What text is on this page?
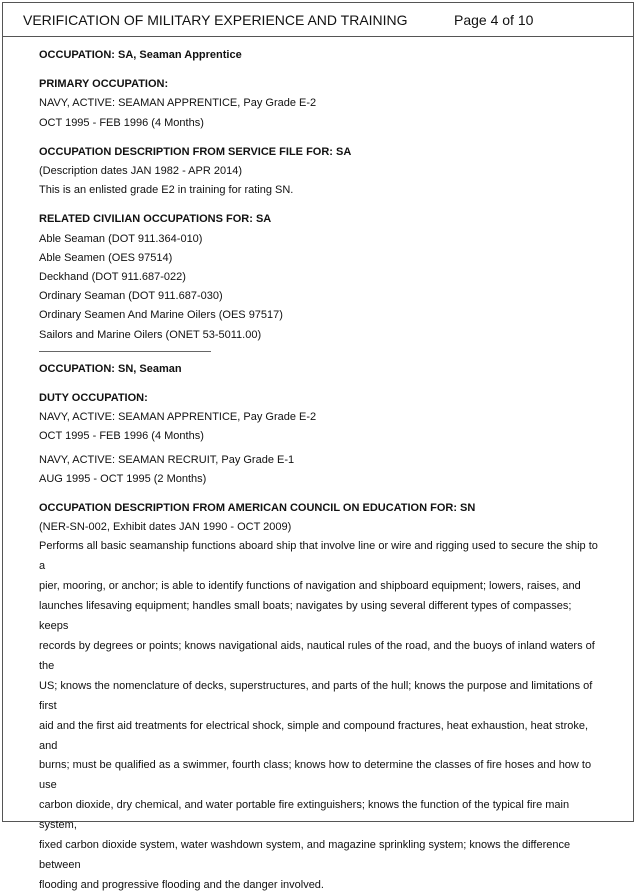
VERIFICATION OF MILITARY EXPERIENCE AND TRAINING	Page 4 of 10
OCCUPATION: SA, Seaman Apprentice
PRIMARY OCCUPATION:
NAVY, ACTIVE: SEAMAN APPRENTICE, Pay Grade E-2
OCT 1995 - FEB 1996 (4 Months)
OCCUPATION DESCRIPTION FROM SERVICE FILE FOR: SA
(Description dates JAN 1982 - APR 2014)
This is an enlisted grade E2 in training for rating SN.
RELATED CIVILIAN OCCUPATIONS FOR: SA
Able Seaman (DOT 911.364-010)
Able Seamen (OES 97514)
Deckhand (DOT 911.687-022)
Ordinary Seaman (DOT 911.687-030)
Ordinary Seamen And Marine Oilers (OES 97517)
Sailors and Marine Oilers (ONET 53-5011.00)
OCCUPATION: SN, Seaman
DUTY OCCUPATION:
NAVY, ACTIVE: SEAMAN APPRENTICE, Pay Grade E-2
OCT 1995 - FEB 1996 (4 Months)
NAVY, ACTIVE: SEAMAN RECRUIT, Pay Grade E-1
AUG 1995 - OCT 1995 (2 Months)
OCCUPATION DESCRIPTION FROM AMERICAN COUNCIL ON EDUCATION FOR: SN
(NER-SN-002, Exhibit dates JAN 1990 - OCT 2009)
Performs all basic seamanship functions aboard ship that involve line or wire and rigging used to secure the ship to a
pier, mooring, or anchor; is able to identify functions of navigation and shipboard equipment; lowers, raises, and
launches lifesaving equipment; handles small boats; navigates by using several different types of compasses; keeps
records by degrees or points; knows navigational aids, nautical rules of the road, and the buoys of inland waters of the
US; knows the nomenclature of decks, superstructures, and parts of the hull; knows the purpose and limitations of first
aid and the first aid treatments for electrical shock, simple and compound fractures, heat exhaustion, heat stroke, and
burns; must be qualified as a swimmer, fourth class; knows how to determine the classes of fire hoses and how to use
carbon dioxide, dry chemical, and water portable fire extinguishers; knows the function of the typical fire main system,
fixed carbon dioxide system, water washdown system, and magazine sprinkling system; knows the difference between
flooding and progressive flooding and the danger involved.
